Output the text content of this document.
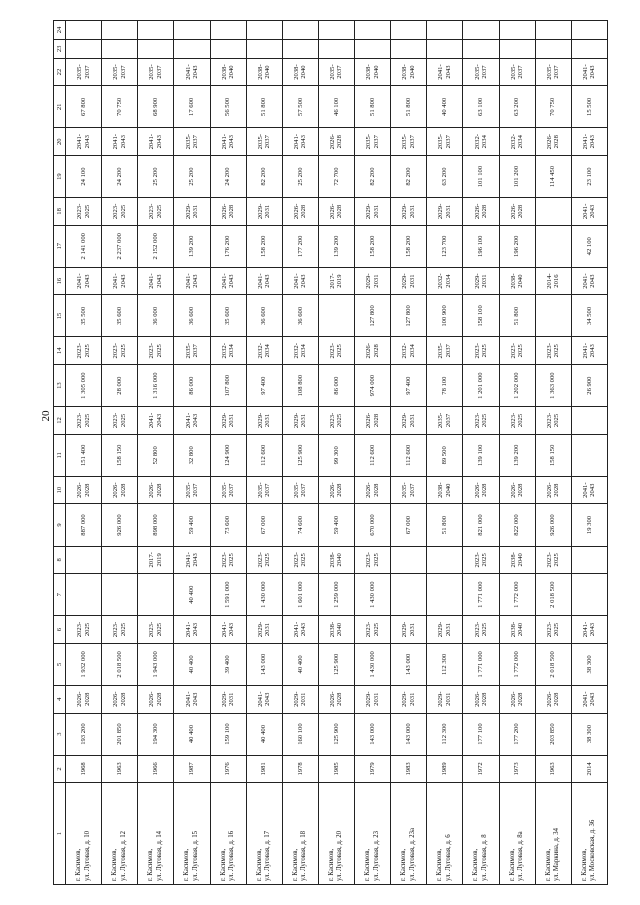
20
1	2	3	4	5	6	7	8	9	10	11	12	13	14	15	16	17	18	19	20	21	22	23	24
г. Касимов,
ул. Луговая, д. 10	1968	193 200	2026-
2028	1 932 000	2023-
2025			887 000	2026-
2028	151 400	2023-
2025	1 305 000	2023-
2025	35 500	2041-
2043	2 141 000	2023-
2025	24 100	2041-
2043	67 800	2035-
2037		
г. Касимов,
ул. Луговая, д. 12	1963	201 850	2026-
2028	2 018 500	2023-
2025			926 000	2026-
2028	158 150	2023-
2025	28 000	2023-
2025	35 600	2041-
2043	2 237 000	2023-
2025	24 200	2041-
2043	70 750	2035-
2037		
г. Касимов,
ул. Луговая, д. 14	1966	194 300	2026-
2028	1 943 000	2023-
2025		2017-
2019	898 000	2026-
2028	52 800	2041-
2043	1 316 000	2023-
2025	36 000	2041-
2043	2 152 000	2023-
2025	25 200	2041-
2043	68 900	2035-
2037		
г. Касимов,
ул. Луговая, д. 15	1987	40 400	2041-
2043	40 400	2041-
2043	40 400	2041-
2043	59 400	2035-
2037	32 800	2041-
2043	86 000	2035-
2037	36 600	2041-
2043	139 200	2029-
2031	25 200	2035-
2037	17 600	2041-
2043		
г. Касимов,
ул. Луговая, д. 16	1976	159 100	2029-
2031	39 400	2041-
2043	1 591 000	2023-
2025	73 600	2035-
2037	124 900	2029-
2031	107 800	2032-
2034	35 600	2041-
2043	176 200	2026-
2028	24 200	2041-
2043	56 500	2038-
2040		
г. Касимов,
ул. Луговая, д. 17	1981	40 400	2041-
2043	143 000	2029-
2031	1 430 000	2023-
2025	67 000	2035-
2037	112 600	2029-
2031	97 400	2032-
2034	36 600	2041-
2043	158 200	2029-
2031	82 200	2035-
2037	51 800	2038-
2040		
г. Касимов,
ул. Луговая, д. 18	1978	160 100	2029-
2031	40 400	2041-
2043	1 601 000	2023-
2025	74 600	2035-
2037	125 900	2029-
2031	108 800	2032-
2034	36 600	2041-
2043	177 200	2026-
2028	25 200	2041-
2043	57 500	2038-
2040		
г. Касимов,
ул. Луговая, д. 20	1985	125 900	2026-
2028	125 900	2038-
2040	1 259 000	2038-
2040	59 400	2026-
2028	99 300	2023-
2025	86 000	2023-
2025		2017-
2019	139 200	2026-
2028	72 700	2026-
2028	46 100	2035-
2037		
г. Касимов,
ул. Луговая, д. 23	1979	143 000	2029-
2031	1 430 000	2023-
2025	1 430 000	2023-
2025	670 000	2026-
2028	112 600	2026-
2028	974 000	2026-
2028	127 800	2029-
2031	158 200	2029-
2031	82 200	2035-
2037	51 800	2038-
2040		
г. Касимов,
ул. Луговая, д. 23а	1983	143 000	2029-
2031	143 000	2029-
2031			67 000	2035-
2037	112 600	2029-
2031	97 400	2032-
2034	127 800	2029-
2031	158 200	2029-
2031	82 200	2035-
2037	51 800	2038-
2040		
г. Касимов,
ул. Луговая, д. 6	1989	112 300	2029-
2031	112 300	2029-
2031			51 800	2038-
2040	89 500	2035-
2037	78 100	2035-
2037	100 900	2032-
2034	123 700	2029-
2031	63 200	2035-
2037	40 400	2041-
2043		
г. Касимов,
ул. Луговая, д. 8	1972	177 100	2026-
2028	1 771 000	2023-
2025	1 771 000	2023-
2025	821 000	2026-
2028	139 100	2023-
2025	1 201 000	2023-
2025	158 100	2029-
2031	196 100	2026-
2028	101 100	2032-
2034	63 100	2035-
2037		
г. Касимов,
ул. Луговая, д. 8а	1973	177 200	2026-
2028	1 772 000	2038-
2040	1 772 000	2038-
2040	822 000	2026-
2028	139 200	2023-
2025	1 202 000	2023-
2025	51 800	2038-
2040	196 200	2026-
2028	101 200	2032-
2034	63 200	2035-
2037		
г. Касимов,
ул. Маркина, д. 34	1963	203 850	2026-
2028	2 018 500	2023-
2025	2 018 500	2023-
2025	926 000	2026-
2028	158 150	2023-
2025	1 363 000	2023-
2025		2014-
2016			114 450	2026-
2028	70 750	2035-
2037		
г. Касимов,
ул. Московская, д. 36	2014	38 300	2041-
2043	38 300	2041-
2043			19 300	2041-
2043			26 900	2041-
2043	34 500	2041-
2043	42 100	2041-
2043	23 100	2041-
2043	15 500	2041-
2043		
